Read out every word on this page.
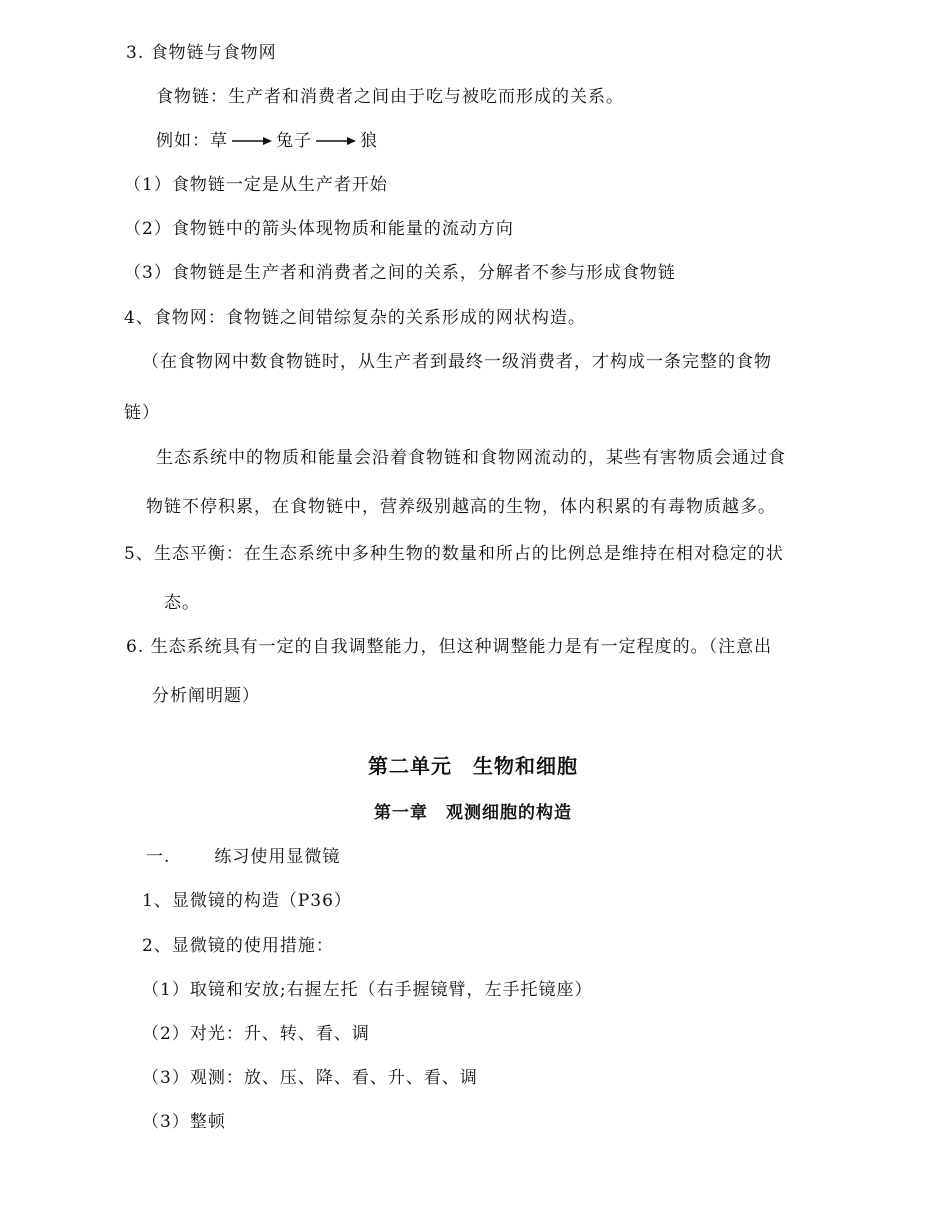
3. 食物链与食物网
食物链：生产者和消费者之间由于吃与被吃而形成的关系。
例如：草	兔子	狼
（1）食物链一定是从生产者开始
（2）食物链中的箭头体现物质和能量的流动方向
（3）食物链是生产者和消费者之间的关系，分解者不参与形成食物链
4、食物网：食物链之间错综复杂的关系形成的网状构造。
（在食物网中数食物链时，从生产者到最终一级消费者，才构成一条完整的食物
链）
生态系统中的物质和能量会沿着食物链和食物网流动的，某些有害物质会通过食
物链不停积累，在食物链中，营养级别越高的生物，体内积累的有毒物质越多。
5、生态平衡：在生态系统中多种生物的数量和所占的比例总是维持在相对稳定的状
态。
6. 生态系统具有一定的自我调整能力，但这种调整能力是有一定程度的。（注意出
分析阐明题）
第二单元　生物和细胞
第一章　观测细胞的构造
一.	练习使用显微镜
1、显微镜的构造（P36）
2、显微镜的使用措施：
（1）取镜和安放;右握左托（右手握镜臂，左手托镜座）
（2）对光：升、转、看、调
（3）观测：放、压、降、看、升、看、调
（3）整顿
